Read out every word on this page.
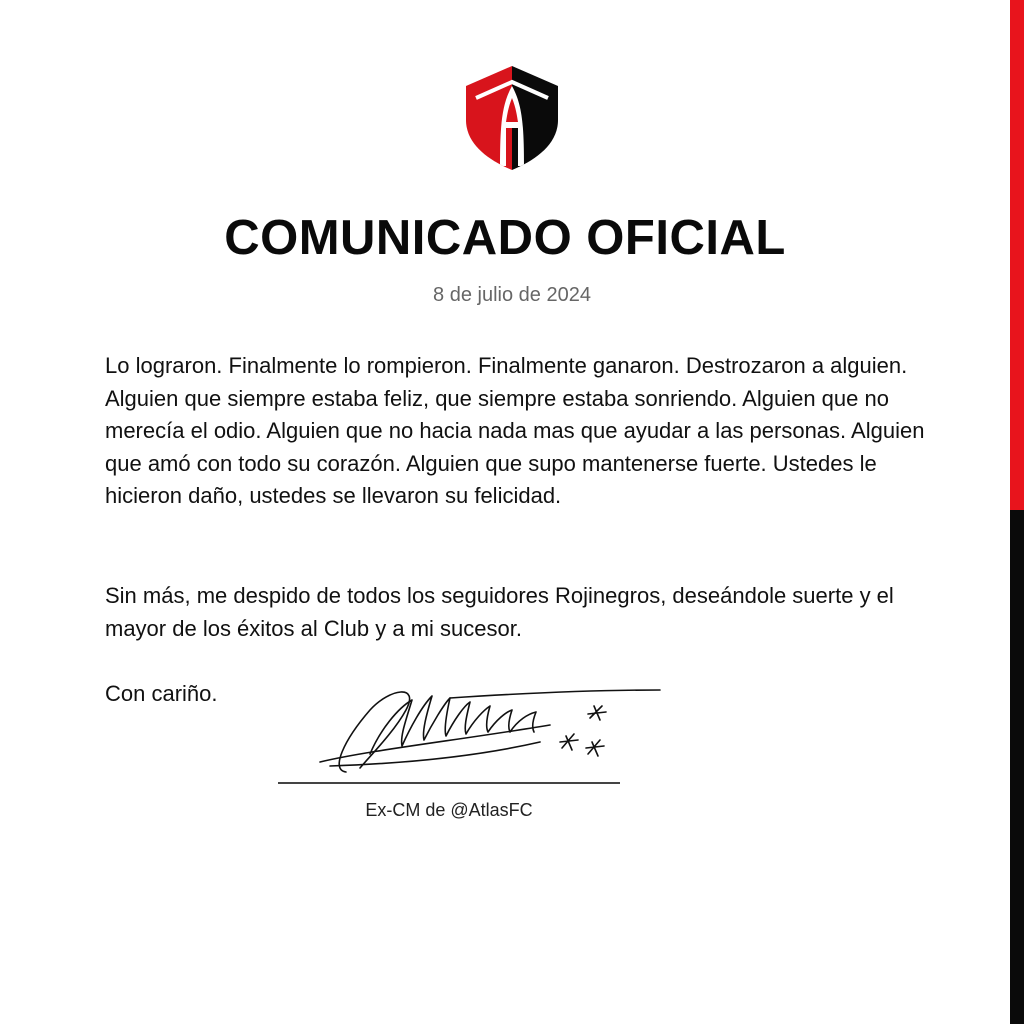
COMUNICADO OFICIAL
8 de julio de 2024

Lo lograron. Finalmente lo rompieron. Finalmente ganaron. Destrozaron a alguien. Alguien que siempre estaba feliz, que siempre estaba sonriendo. Alguien que no merecía el odio. Alguien que no hacia nada mas que ayudar a las personas. Alguien que amó con todo su corazón. Alguien que supo mantenerse fuerte. Ustedes le hicieron daño, ustedes se llevaron su felicidad.

Sin más, me despido de todos los seguidores Rojinegros, deseándole suerte y el mayor de los éxitos al Club y a mi sucesor.

Con cariño.

Ex-CM de @AtlasFC
